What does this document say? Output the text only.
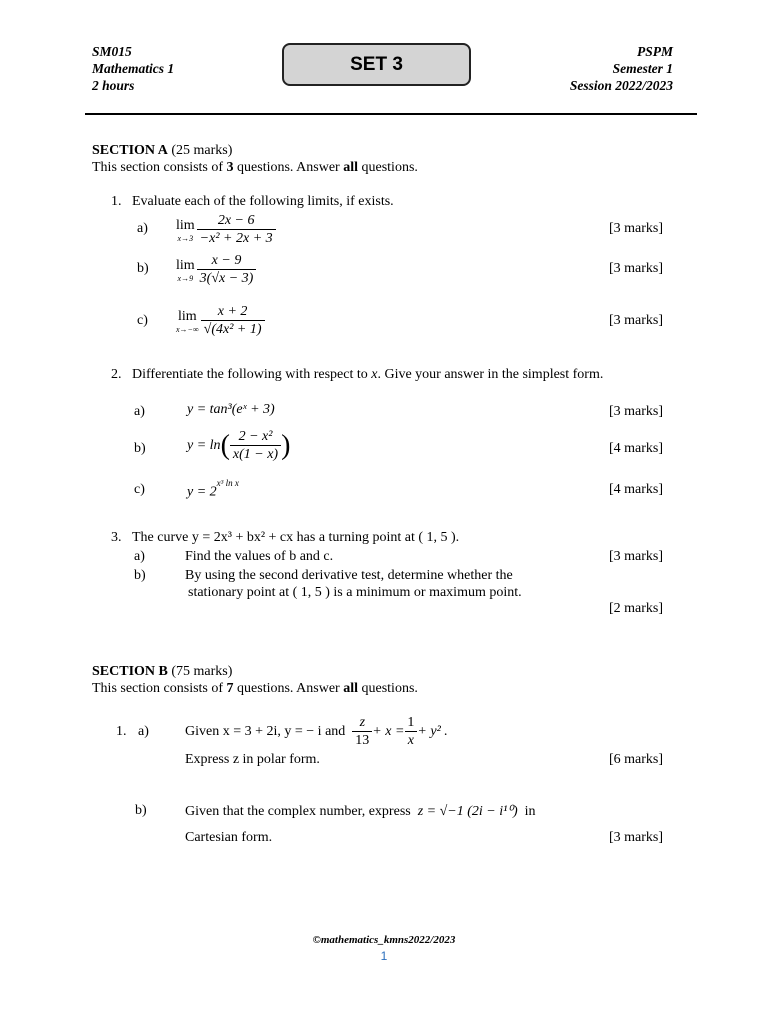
SM015
Mathematics 1
2 hours
SET 3
PSPM
Semester 1
Session 2022/2023
SECTION A (25 marks)
This section consists of 3 questions. Answer all questions.
1. Evaluate each of the following limits, if exists.
a) lim
$x\to 3 \frac{2x - 6}{\text{−x² + 2x + 3}}$	[3 marks]
b) lim
$x\to 9 \frac{x - 9}{3(√x - 3)}$	[3 marks]
c) lim
$x\to-\infty \frac{x + 2}{\text{√(4x² + 1)}}$	[3 marks]
2. Differentiate the following with respect to x. Give your answer in the simplest form.
a)	y = tan³(eˣ + 3)	[3 marks]
b)	y = ln ( $\frac{\text{2 − x²}}{x(1 - x)}$ )	[4 marks]
c)	$y = 2^{x^3 ln x}$	[4 marks]
3. The curve y = 2x³ + bx² + cx has a turning point at ( 1, 5 ).
a)	Find the values of b and c.	[3 marks]
b)	By using the second derivative test, determine whether the
stationary point at ( 1, 5 ) is a minimum or maximum point.
[2 marks]
SECTION B (75 marks)
This section consists of 7 questions. Answer all questions.
1. a)	Given x = 3 + 2i, y = − i and
$\frac{z}{13} + x = \frac{1}{x} + y^2$ .
Express z in polar form.	[6 marks]
b)	Given that the complex number, express z = √−1 (2i − i¹⁰) in
Cartesian form.	[3 marks]
©mathematics_kmns2022/2023
1
